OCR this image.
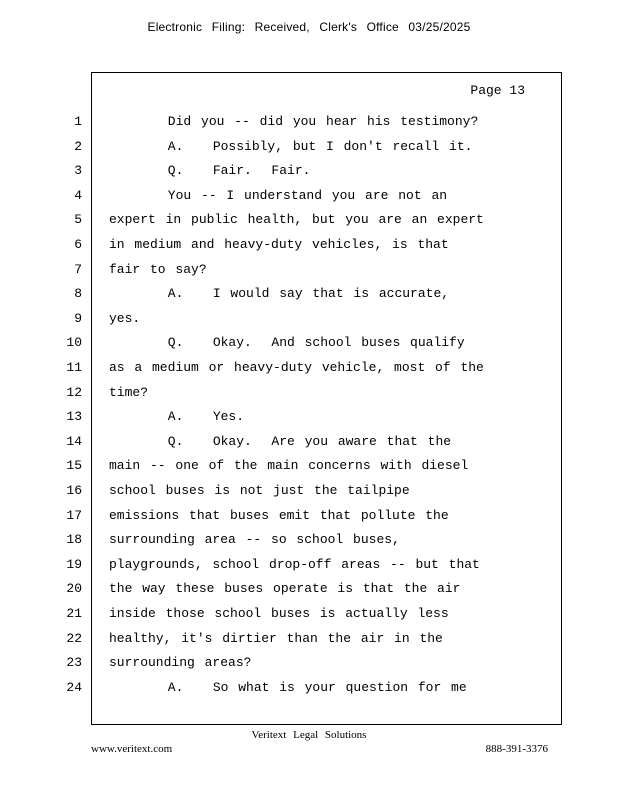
Electronic Filing: Received, Clerk's Office 03/25/2025
Page 13
1 Did you -- did you hear his testimony?
2 A.   Possibly, but I don't recall it.
3 Q.   Fair.  Fair.
4 You -- I understand you are not an
5 expert in public health, but you are an expert
6 in medium and heavy-duty vehicles, is that
7 fair to say?
8 A.   I would say that is accurate,
9 yes.
10 Q.   Okay.  And school buses qualify
11 as a medium or heavy-duty vehicle, most of the
12 time?
13 A.   Yes.
14 Q.   Okay.  Are you aware that the
15 main -- one of the main concerns with diesel
16 school buses is not just the tailpipe
17 emissions that buses emit that pollute the
18 surrounding area -- so school buses,
19 playgrounds, school drop-off areas -- but that
20 the way these buses operate is that the air
21 inside those school buses is actually less
22 healthy, it's dirtier than the air in the
23 surrounding areas?
24 A.   So what is your question for me
Veritext Legal Solutions
www.veritext.com	888-391-3376
